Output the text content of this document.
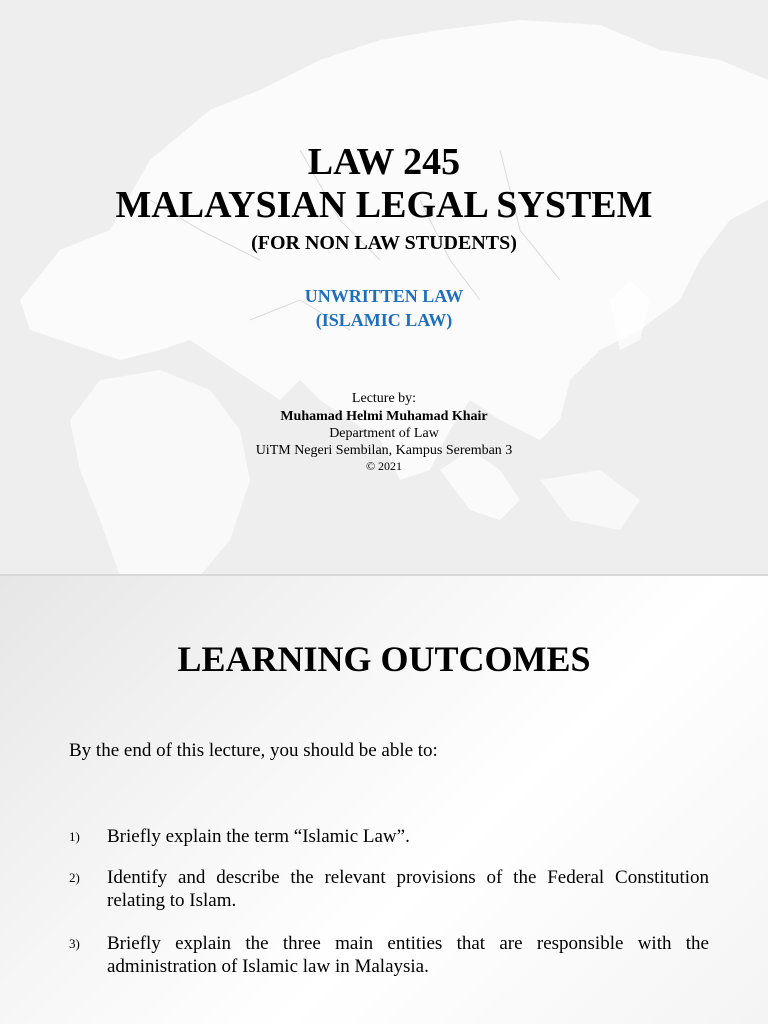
LAW 245
MALAYSIAN LEGAL SYSTEM
(FOR NON LAW STUDENTS)
UNWRITTEN LAW
(ISLAMIC LAW)
Lecture by:
Muhamad Helmi Muhamad Khair
Department of Law
UiTM Negeri Sembilan, Kampus Seremban 3
© 2021
LEARNING OUTCOMES
By the end of this lecture, you should be able to:
1) Briefly explain the term “Islamic Law”.
2) Identify and describe the relevant provisions of the Federal Constitution relating to Islam.
3) Briefly explain the three main entities that are responsible with the administration of Islamic law in Malaysia.
